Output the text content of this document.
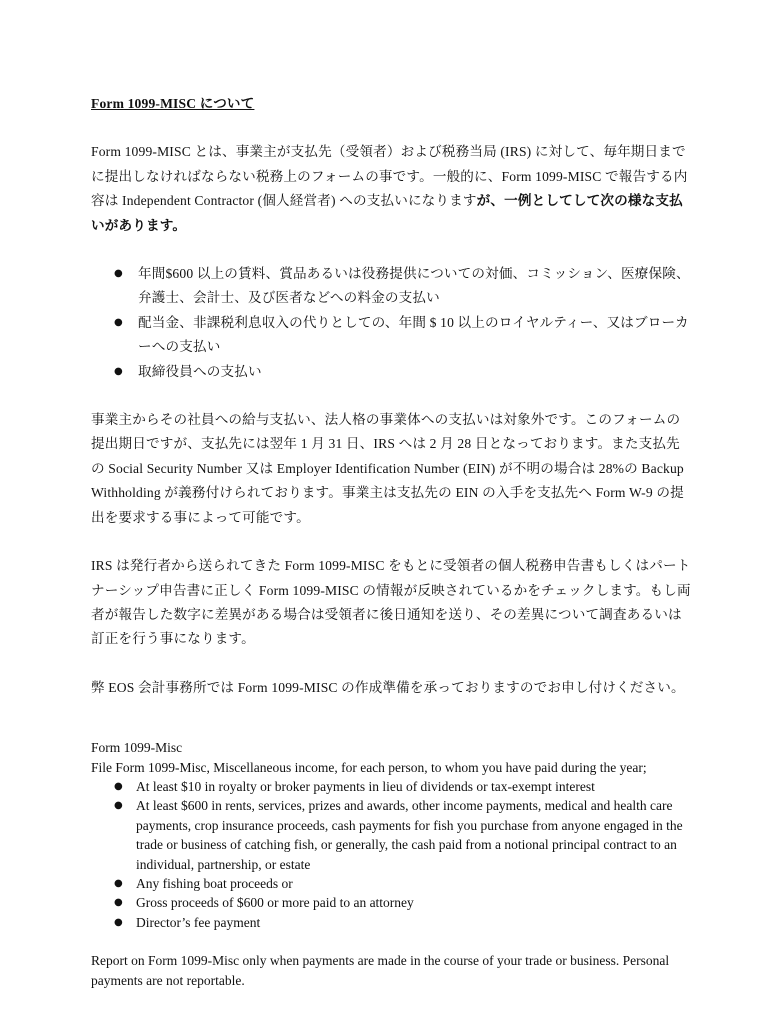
Form 1099-MISC について

Form 1099-MISC とは、事業主が支払先（受領者）および税務当局 (IRS) に対して、毎年期日までに提出しなければならない税務上のフォームの事です。一般的に、Form 1099-MISC で報告する内容は Independent Contractor (個人経営者) への支払いになりますが、一例としてして次の様な支払いがあります。

● 年間$600 以上の賃料、賞品あるいは役務提供についての対価、コミッション、医療保険、弁護士、会計士、及び医者などへの料金の支払い
● 配当金、非課税利息収入の代りとしての、年間 $ 10 以上のロイヤルティー、又はブローカーへの支払い
● 取締役員への支払い

事業主からその社員への給与支払い、法人格の事業体への支払いは対象外です。このフォームの提出期日ですが、支払先には翌年 1 月 31 日、IRS へは 2 月 28 日となっております。また支払先の Social Security Number 又は Employer Identification Number (EIN) が不明の場合は 28%の Backup Withholding が義務付けられております。事業主は支払先の EIN の入手を支払先へ Form W-9 の提出を要求する事によって可能です。

IRS は発行者から送られてきた Form 1099-MISC をもとに受領者の個人税務申告書もしくはパートナーシップ申告書に正しく Form 1099-MISC の情報が反映されているかをチェックします。もし両者が報告した数字に差異がある場合は受領者に後日通知を送り、その差異について調査あるいは訂正を行う事になります。

弊 EOS 会計事務所では Form 1099-MISC の作成準備を承っておりますのでお申し付けください。

Form 1099-Misc

File Form 1099-Misc, Miscellaneous income, for each person, to whom you have paid during the year;

● At least $10 in royalty or broker payments in lieu of dividends or tax-exempt interest
● At least $600 in rents, services, prizes and awards, other income payments, medical and health care payments, crop insurance proceeds, cash payments for fish you purchase from anyone engaged in the trade or business of catching fish, or generally, the cash paid from a notional principal contract to an individual, partnership, or estate
● Any fishing boat proceeds or
● Gross proceeds of $600 or more paid to an attorney
● Director’s fee payment

Report on Form 1099-Misc only when payments are made in the course of your trade or business. Personal payments are not reportable.
